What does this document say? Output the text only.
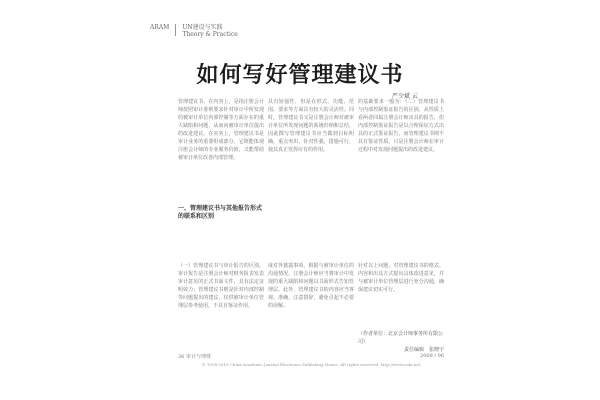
ARAM UN建设与实践
Theory & Practice
如何写好管理建议书
严少斌 云
管理建议书，在内容上，是指注册会计师按照审计准则要求针对审计中所发现的被审计单位内部控制等方面存在的重大缺陷和问题，从而向被审计单位提出的改进建议。在实务上，管理建议书是审计业务的重要组成部分，它既能体现注册会计师的专业服务价值，又能帮助被审计单位改善内部管理。
具有较强性，但是在形式、功能、范围、要求等方面具有较大的灵活性。同时，管理建议书又是注册会计师对被审计单位所发现问题的系统归纳和总结，因此撰写管理建议书应当做到目标明确、重点突出、针对性强、措施可行，使其真正发挥应有的作用。
的基础要求一般为：（二）管理建议书与内部控制鉴证报告的区别。从性质上看两者同属注册会计师出具的报告，但内部控制鉴证报告是以合理保证方式出具的正式鉴证报告，而管理建议书则不具有鉴证性质，只是注册会计师在审计过程中对发现问题提出的改进建议。
一、管理建议书与其他报告形式的联系和区别
（一）管理建议书与审计报告的区别。审计报告是注册会计师对财务报表发表审计意见的正式书面文件，具有法定证明效力；管理建议书则是针对内部控制等问题提出的建议，仅供被审计单位管理层参考使用，不具有鉴证作用。
成对外披露事项，根据与被审计单位的沟通情况，注册会计师应当将审计中发现的重大缺陷和问题以书面形式告知管理层。此外，管理建议书的内容应当客观、准确，注意措辞，避免引起不必要的误解。
针对以上问题，对管理建议书的格式、内容和出具方式提出具体改进意见，并与被审计单位管理层进行充分沟通，确保建议切实可行。
（作者单位：北京会计师事务所有限公司）
责任编辑　张晓宇
36 审计与理财	2008 / 06
© 1994-2010 China Academic Journal Electronic Publishing House. All rights reserved. http://www.cnki.net
